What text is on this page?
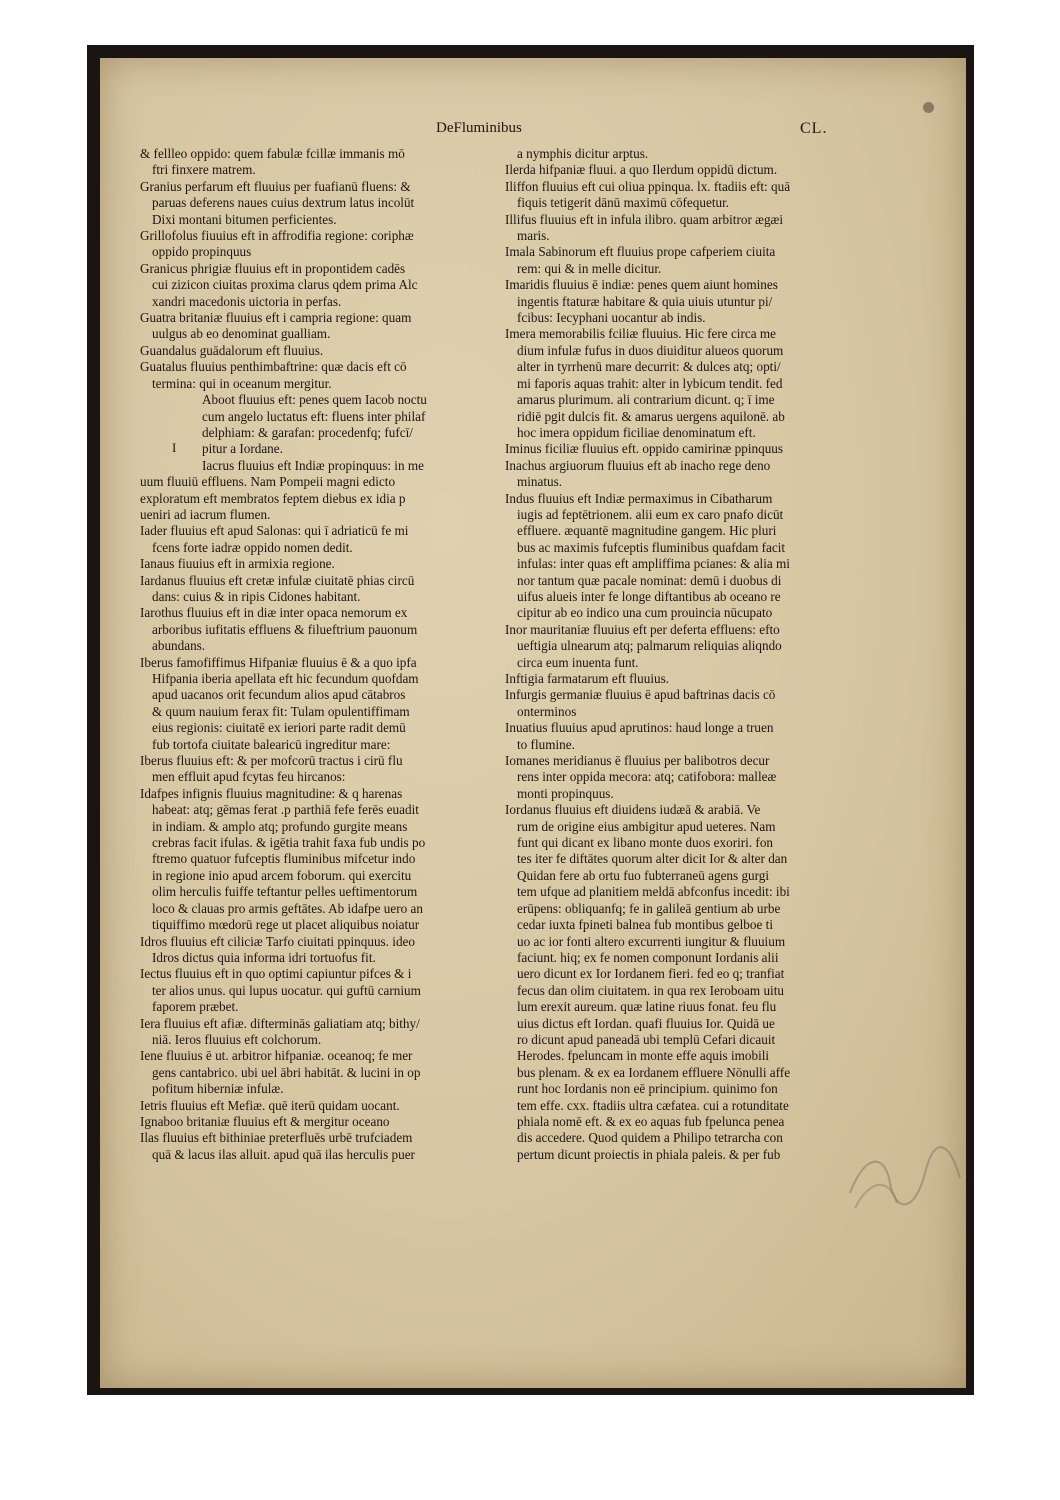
DeFluminibus	CL.
I
& fellleo oppido: quem fabulæ fcillæ immanis mō
ftri finxere matrem.
Granius perfarum eft fluuius per fuafianū fluens: &
paruas deferens naues cuius dextrum latus incolūt
Dixi montani bitumen perficientes.
Grillofolus fiuuius eft in affrodifia regione: coriphæ
oppido propinquus
Granicus phrigiæ fluuius eft in propontidem cadēs
cui zizicon ciuitas proxima clarus qdem prima Alc
xandri macedonis uictoria in perfas.
Guatra britaniæ fluuius eft i campria regione: quam
uulgus ab eo denominat gualliam.
Guandalus guādalorum eft fluuius.
Guatalus fluuius penthimbaftrine: quæ dacis eft cō
termina: qui in oceanum mergitur.
Aboot fluuius eft: penes quem Iacob noctu
cum angelo luctatus eft: fluens inter philaf
delphiam: & garafan: procedenfq; fufcī/
pitur a Iordane.
Iacrus fluuius eft Indiæ propinquus: in me
uum fluuiū effluens. Nam Pompeii magni edicto
exploratum eft membratos feptem diebus ex idia p
ueniri ad iacrum flumen.
Iader fluuius eft apud Salonas: qui ī adriaticū fe mi
fcens forte iadræ oppido nomen dedit.
Ianaus fiuuius eft in armixia regione.
Iardanus fluuius eft cretæ infulæ ciuitatē phias circū
dans: cuius & in ripis Cidones habitant.
Iarothus fluuius eft in diæ inter opaca nemorum ex
arboribus iufitatis effluens & filueftrium pauonum
abundans.
Iberus famofiffimus Hifpaniæ fluuius ē & a quo ipfa
Hifpania iberia apellata eft hic fecundum quofdam
apud uacanos orit fecundum alios apud cātabros
& quum nauium ferax fit: Tulam opulentiffimam
eius regionis: ciuitatē ex ieriori parte radit demū
fub tortofa ciuitate balearicū ingreditur mare:
Iberus fluuius eft: & per mofcorū tractus i cirū flu
men effluit apud fcytas feu hircanos:
Idafpes infignis fluuius magnitudine: & q harenas
habeat: atq; gēmas ferat .p parthiā fefe ferēs euadit
in indiam. & amplo atq; profundo gurgite means
crebras facit ifulas. & igētia trahit faxa fub undis po
ftremo quatuor fufceptis fluminibus mifcetur indo
in regione inio apud arcem foborum. qui exercitu
olim herculis fuiffe teftantur pelles ueftimentorum
loco & clauas pro armis geftātes. Ab idafpe uero an
tiquiffimo mœdorū rege ut placet aliquibus noiatur
Idros fluuius eft ciliciæ Tarfo ciuitati ppinquus. ideo
Idros dictus quia informa idri tortuofus fit.
Iectus fluuius eft in quo optimi capiuntur pifces & i
ter alios unus. qui lupus uocatur. qui guftū carnium
faporem præbet.
Iera fluuius eft afiæ. difterminās galiatiam atq; bithy/
niā. Ieros fluuius eft colchorum.
Iene fluuius ē ut. arbitror hifpaniæ. oceanoq; fe mer
gens cantabrico. ubi uel ābri habitāt. & lucini in op
pofitum hiberniæ infulæ.
Ietris fluuius eft Mefiæ. quē iterū quidam uocant.
Ignaboo britaniæ fluuius eft & mergitur oceano
Ilas fluuius eft bithiniae preterfluēs urbē trufciadem
quā & lacus ilas alluit. apud quā ilas herculis puer
a nymphis dicitur arptus.
Ilerda hifpaniæ fluui. a quo Ilerdum oppidū dictum.
Iliffon fluuius eft cui oliua ppinqua. lx. ftadiis eft: quā
fiquis tetigerit dānū maximū cōfequetur.
Illifus fluuius eft in infula ilibro. quam arbitror ægæi
maris.
Imala Sabinorum eft fluuius prope cafperiem ciuita
rem: qui & in melle dicitur.
Imaridis fluuius ē indiæ: penes quem aiunt homines
ingentis ftaturæ habitare & quia uiuis utuntur pi/
fcibus: Iecyphani uocantur ab indis.
Imera memorabilis fciliæ fluuius. Hic fere circa me
dium infulæ fufus in duos diuiditur alueos quorum
alter in tyrrhenū mare decurrit: & dulces atq; opti/
mi faporis aquas trahit: alter in lybicum tendit. fed
amarus plurimum. ali contrarium dicunt. q; ī ime
ridiē pgit dulcis fit. & amarus uergens aquilonē. ab
hoc imera oppidum ficiliae denominatum eft.
Iminus ficiliæ fluuius eft. oppido camirinæ ppinquus
Inachus argiuorum fluuius eft ab inacho rege deno
minatus.
Indus fluuius eft Indiæ permaximus in Cibatharum
iugis ad feptētrionem. alii eum ex caro pnafo dicūt
effluere. æquantē magnitudine gangem. Hic pluri
bus ac maximis fufceptis fluminibus quafdam facit
infulas: inter quas eft ampliffima pcianes: & alia mi
nor tantum quæ pacale nominat: demū i duobus di
uifus alueis inter fe longe diftantibus ab oceano re
cipitur ab eo indico una cum prouincia nūcupato
Inor mauritaniæ fluuius eft per deferta effluens: efto
ueftigia ulnearum atq; palmarum reliquias aliqndo
circa eum inuenta funt.
Inftigia farmatarum eft fluuius.
Infurgis germaniæ fluuius ē apud baftrinas dacis cō
onterminos
Inuatius fluuius apud aprutinos: haud longe a truen
to flumine.
Iomanes meridianus ē fluuius per balibotros decur
rens inter oppida mecora: atq; catifobora: malleæ
monti propinquus.
Iordanus fluuius eft diuidens iudæā & arabiā. Ve
rum de origine eius ambigitur apud ueteres. Nam
funt qui dicant ex libano monte duos exoriri. fon
tes iter fe diftātes quorum alter dicit Ior & alter dan
Quidan fere ab ortu fuo fubterraneū agens gurgi
tem ufque ad planitiem meldā abfconfus incedit: ibi
erūpens: obliquanfq; fe in galileā gentium ab urbe
cedar iuxta fpineti balnea fub montibus gelboe ti
uo ac ior fonti altero excurrenti iungitur & fluuium
faciunt. hiq; ex fe nomen componunt Iordanis alii
uero dicunt ex Ior Iordanem fieri. fed eo q; tranfiat
fecus dan olim ciuitatem. in qua rex Ieroboam uitu
lum erexit aureum. quæ latine riuus fonat. feu flu
uius dictus eft Iordan. quafi fluuius Ior. Quidā ue
ro dicunt apud paneadā ubi templū Cefari dicauit
Herodes. fpeluncam in monte effe aquis imobili
bus plenam. & ex ea Iordanem effluere Nōnulli affe
runt hoc Iordanis non eē principium. quinimo fon
tem effe. cxx. ftadiis ultra cæfatea. cui a rotunditate
phiala nomē eft. & ex eo aquas fub fpelunca penea
dis accedere. Quod quidem a Philipo tetrarcha con
pertum dicunt proiectis in phiala paleis. & per fub
